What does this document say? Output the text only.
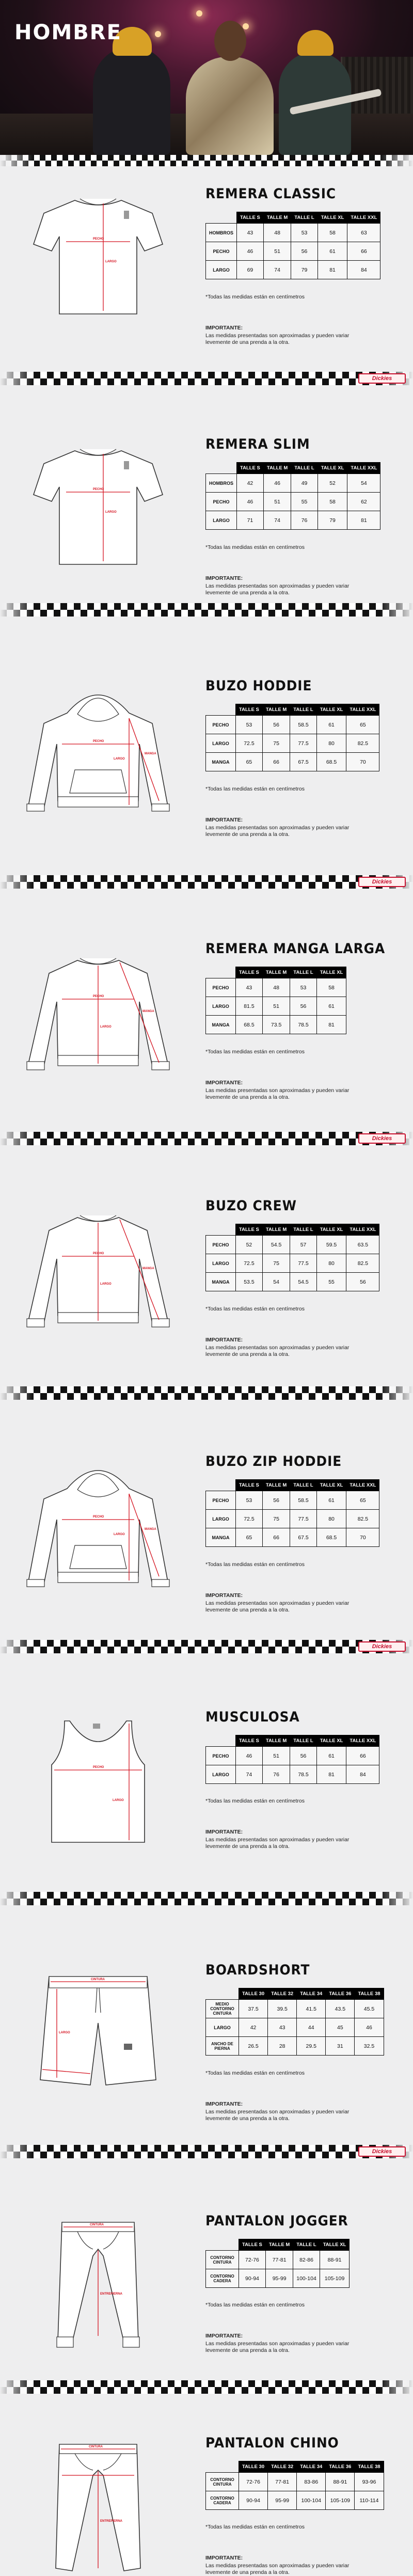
HOMBRE
Dickies
Dickies
Dickies
Dickies
Dickies
PECHO
LARGO
REMERA CLASSIC
	TALLE S	TALLE M	TALLE L	TALLE XL	TALLE XXL
HOMBROS	43	48	53	58	63
PECHO	46	51	56	61	66
LARGO	69	74	79	81	84
*Todas las medidas están en centímetros
IMPORTANTE:
Las medidas presentadas son aproximadas y pueden variar levemente de una prenda a la otra.
PECHO
LARGO
REMERA SLIM
	TALLE S	TALLE M	TALLE L	TALLE XL	TALLE XXL
HOMBROS	42	46	49	52	54
PECHO	46	51	55	58	62
LARGO	71	74	76	79	81
*Todas las medidas están en centímetros
IMPORTANTE:
Las medidas presentadas son aproximadas y pueden variar levemente de una prenda a la otra.
PECHO
LARGO
MANGA
BUZO HODDIE
	TALLE S	TALLE M	TALLE L	TALLE XL	TALLE XXL
PECHO	53	56	58.5	61	65
LARGO	72.5	75	77.5	80	82.5
MANGA	65	66	67.5	68.5	70
*Todas las medidas están en centímetros
IMPORTANTE:
Las medidas presentadas son aproximadas y pueden variar levemente de una prenda a la otra.
PECHO
LARGO
MANGA
REMERA MANGA LARGA
	TALLE S	TALLE M	TALLE L	TALLE XL
PECHO	43	48	53	58
LARGO	81.5	51	56	61
MANGA	68.5	73.5	78.5	81
*Todas las medidas están en centímetros
IMPORTANTE:
Las medidas presentadas son aproximadas y pueden variar levemente de una prenda a la otra.
PECHO
LARGO
MANGA
BUZO CREW
	TALLE S	TALLE M	TALLE L	TALLE XL	TALLE XXL
PECHO	52	54.5	57	59.5	63.5
LARGO	72.5	75	77.5	80	82.5
MANGA	53.5	54	54.5	55	56
*Todas las medidas están en centímetros
IMPORTANTE:
Las medidas presentadas son aproximadas y pueden variar levemente de una prenda a la otra.
PECHO
LARGO
MANGA
BUZO ZIP HODDIE
	TALLE S	TALLE M	TALLE L	TALLE XL	TALLE XXL
PECHO	53	56	58.5	61	65
LARGO	72.5	75	77.5	80	82.5
MANGA	65	66	67.5	68.5	70
*Todas las medidas están en centímetros
IMPORTANTE:
Las medidas presentadas son aproximadas y pueden variar levemente de una prenda a la otra.
PECHO
LARGO
MUSCULOSA
	TALLE S	TALLE M	TALLE L	TALLE XL	TALLE XXL
PECHO	46	51	56	61	66
LARGO	74	76	78.5	81	84
*Todas las medidas están en centímetros
IMPORTANTE:
Las medidas presentadas son aproximadas y pueden variar levemente de una prenda a la otra.
CINTURA
LARGO
BOARDSHORT
	TALLE 30	TALLE 32	TALLE 34	TALLE 36	TALLE 38
MEDIO CONTORNO CINTURA	37.5	39.5	41.5	43.5	45.5
LARGO	42	43	44	45	46
ANCHO DE PIERNA	26.5	28	29.5	31	32.5
*Todas las medidas están en centímetros
IMPORTANTE:
Las medidas presentadas son aproximadas y pueden variar levemente de una prenda a la otra.
CINTURA
ENTREPIERNA
PANTALON JOGGER
	TALLE S	TALLE M	TALLE L	TALLE XL
CONTORNO CINTURA	72-76	77-81	82-86	88-91
CONTORNO CADERA	90-94	95-99	100-104	105-109
*Todas las medidas están en centímetros
IMPORTANTE:
Las medidas presentadas son aproximadas y pueden variar levemente de una prenda a la otra.
CINTURA
ENTREPIERNA
PANTALON CHINO
	TALLE 30	TALLE 32	TALLE 34	TALLE 36	TALLE 38
CONTORNO CINTURA	72-76	77-81	83-86	88-91	93-96
CONTORNO CADERA	90-94	95-99	100-104	105-109	110-114
*Todas las medidas están en centímetros
IMPORTANTE:
Las medidas presentadas son aproximadas y pueden variar levemente de una prenda a la otra.
